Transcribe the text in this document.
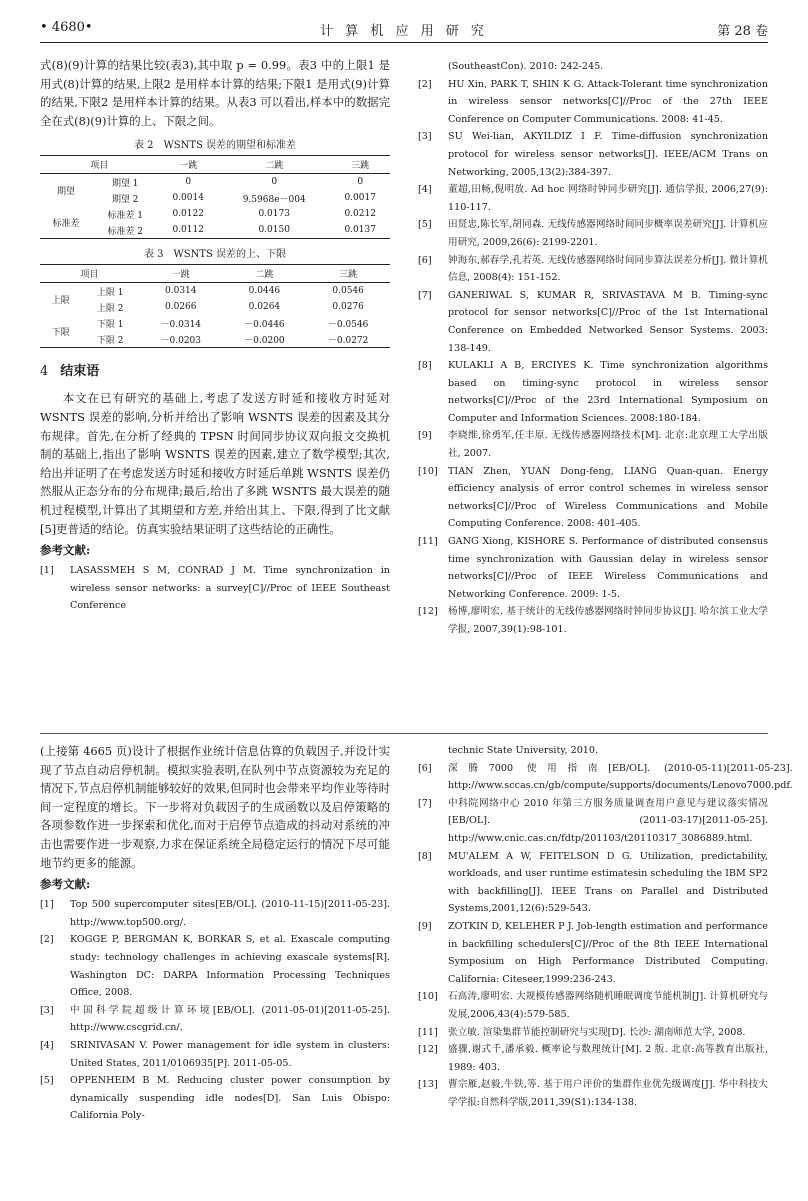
• 4680•	计 算 机 应 用 研 究	第 28 卷

式(8)(9)计算的结果比较(表3),其中取 p = 0.99。表3 中的上限1 是用式(8)计算的结果,上限2 是用样本计算的结果;下限1 是用式(9)计算的结果,下限2 是用样本计算的结果。从表3 可以看出,样本中的数据完全在式(8)(9)计算的上、下限之间。

表 2　WSNTS 误差的期望和标准差
项目		一跳	二跳	三跳
期望	期望 1	0	0	0
	期望 2	0.0014	9.5968e－004	0.0017
标准差	标准差 1	0.0122	0.0173	0.0212
	标准差 2	0.0112	0.0150	0.0137
表 3　WSNTS 误差的上、下限
项目		一跳	二跳	三跳
上限	上限 1	0.0314	0.0446	0.0546
	上限 2	0.0266	0.0264	0.0276
下限	下限 1	－0.0314	－0.0446	－0.0546
	下限 2	－0.0203	－0.0200	－0.0272
4 结束语

本文在已有研究的基础上,考虑了发送方时延和接收方时延对 WSNTS 误差的影响,分析并给出了影响 WSNTS 误差的因素及其分布规律。首先,在分析了经典的 TPSN 时间同步协议双向报文交换机制的基础上,指出了影响 WSNTS 误差的因素,建立了数学模型;其次,给出并证明了在考虑发送方时延和接收方时延后单跳 WSNTS 误差仍然服从正态分布的分布规律;最后,给出了多跳 WSNTS 最大误差的随机过程模型,计算出了其期望和方差,并给出其上、下限,得到了比文献[5]更普适的结论。仿真实验结果证明了这些结论的正确性。

参考文献:
[1]	LASASSMEH S M, CONRAD J M. Time synchronization in wireless sensor networks: a survey[C]//Proc of IEEE Southeast Conference
(SoutheastCon). 2010: 242-245.
[2]	HU Xin, PARK T, SHIN K G. Attack-Tolerant time synchronization in wireless sensor networks[C]//Proc of the 27th IEEE Conference on Computer Communications. 2008: 41-45.
[3]	SU Wei-lian, AKYILDIZ I F. Time-diffusion synchronization protocol for wireless sensor networks[J]. IEEE/ACM Trans on Networking, 2005,13(2):384-397.
[4]	董超,田畅,倪明放. Ad hoc 网络时钟同步研究[J]. 通信学报, 2006,27(9): 110-117.
[5]	田贤忠,陈长军,胡同森. 无线传感器网络时间同步概率误差研究[J]. 计算机应用研究, 2009,26(6): 2199-2201.
[6]	钟海东,郝春学,孔若英. 无线传感器网络时间同步算法误差分析[J]. 微计算机信息, 2008(4): 151-152.
[7]	GANERIWAL S, KUMAR R, SRIVASTAVA M B. Timing-sync protocol for sensor networks[C]//Proc of the 1st International Conference on Embedded Networked Sensor Systems. 2003: 138-149.
[8]	KULAKLI A B, ERCIYES K. Time synchronization algorithms based on timing-sync protocol in wireless sensor networks[C]//Proc of the 23rd International Symposium on Computer and Information Sciences. 2008:180-184.
[9]	李晓维,徐勇军,任丰原. 无线传感器网络技术[M]. 北京:北京理工大学出版社, 2007.
[10]	TIAN Zhen, YUAN Dong-feng, LIANG Quan-quan. Energy efficiency analysis of error control schemes in wireless sensor networks[C]//Proc of Wireless Communications and Mobile Computing Conference. 2008: 401-405.
[11]	GANG Xiong, KISHORE S. Performance of distributed consensus time synchronization with Gaussian delay in wireless sensor networks[C]//Proc of IEEE Wireless Communications and Networking Conference. 2009: 1-5.
[12]	杨博,廖明宏. 基于统计的无线传感器网络时钟同步协议[J]. 哈尔滨工业大学学报, 2007,39(1):98-101.

(上接第 4665 页)设计了根据作业统计信息估算的负载因子,并设计实现了节点自动启停机制。模拟实验表明,在队列中节点资源较为充足的情况下,节点启停机制能够较好的效果,但同时也会带来平均作业等待时间一定程度的增长。下一步将对负载因子的生成函数以及启停策略的各项参数作进一步探索和优化,而对于启停节点造成的抖动对系统的冲击也需要作进一步观察,力求在保证系统全局稳定运行的情况下尽可能地节约更多的能源。

参考文献:
[1]	Top 500 supercomputer sites[EB/OL]. (2010-11-15)[2011-05-23]. http://www.top500.org/.
[2]	KOGGE P, BERGMAN K, BORKAR S, et al. Exascale computing study: technology challenges in achieving exascale systems[R]. Washington DC: DARPA Information Processing Techniques Office, 2008.
[3]	中国科学院超级计算环境[EB/OL]. (2011-05-01)[2011-05-25]. http://www.cscgrid.cn/.
[4]	SRINIVASAN V. Power management for idle system in clusters: United States, 2011/0106935[P]. 2011-05-05.
[5]	OPPENHEIM B M. Reducing cluster power consumption by dynamically suspending idle nodes[D]. San Luis Obispo: California Poly-
technic State University, 2010.
[6]	深腾7000 使用指南[EB/OL]. (2010-05-11)[2011-05-23]. http://www.sccas.cn/gb/compute/supports/documents/Lenovo7000.pdf.
[7]	中科院网络中心 2010 年第三方服务质量调查用户意见与建议落实情况[EB/OL]. (2011-03-17)[2011-05-25]. http://www.cnic.cas.cn/fdtp/201103/t20110317_3086889.html.
[8]	MU'ALEM A W, FEITELSON D G. Utilization, predictability, workloads, and user runtime estimatesin scheduling the IBM SP2 with backfilling[J]. IEEE Trans on Parallel and Distributed Systems,2001,12(6):529-543.
[9]	ZOTKIN D, KELEHER P J. Job-length estimation and performance in backfilling schedulers[C]//Proc of the 8th IEEE International Symposium on High Performance Distributed Computing. California: Citeseer,1999:236-243.
[10]	石高涛,廖明宏. 大规模传感器网络随机睡眠调度节能机制[J]. 计算机研究与发展,2006,43(4):579-585.
[11]	张立敏. 渲染集群节能控制研究与实现[D]. 长沙: 湖南师范大学, 2008.
[12]	盛骤,谢式千,潘承毅. 概率论与数理统计[M]. 2 版. 北京:高等教育出版社, 1989: 403.
[13]	曹宗雁,赵毅,牛铁,等. 基于用户评价的集群作业优先级调度[J]. 华中科技大学学报:自然科学版,2011,39(S1):134-138.
